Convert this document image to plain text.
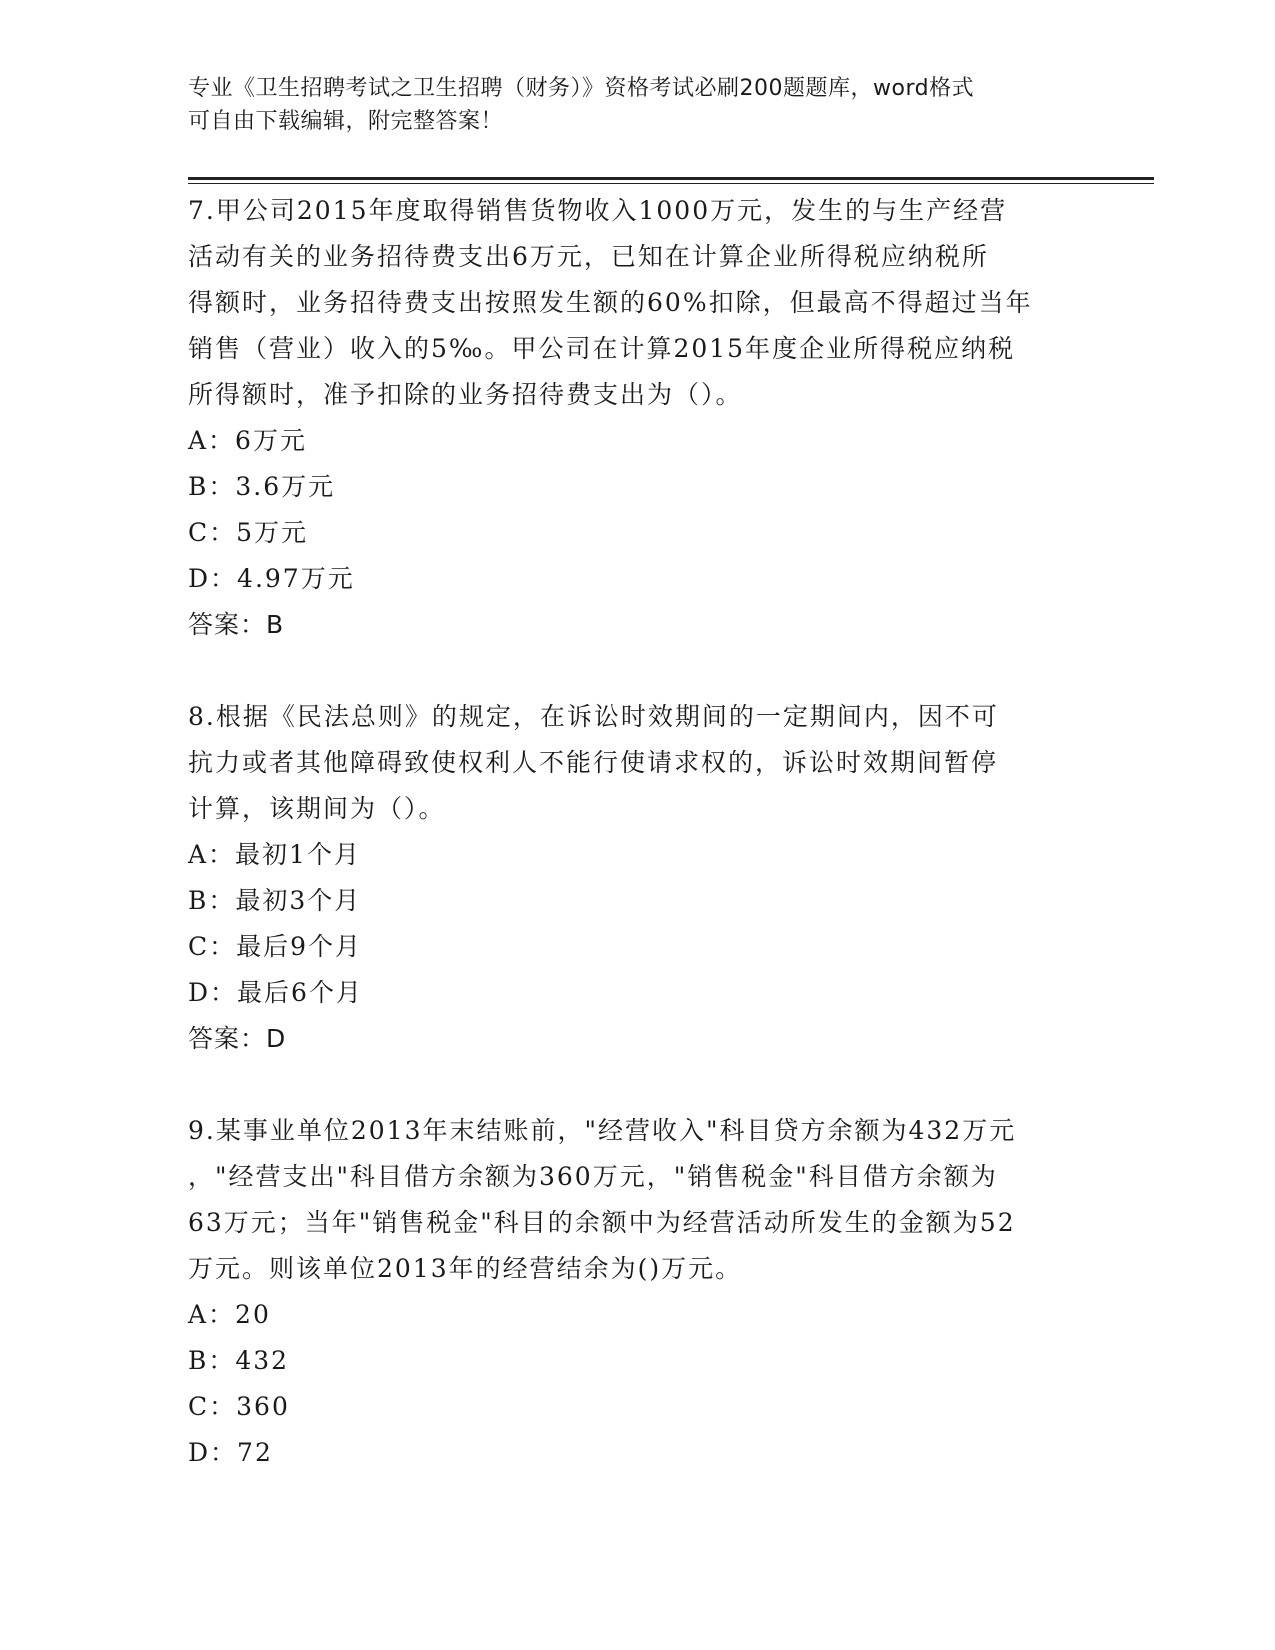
专业《卫生招聘考试之卫生招聘（财务）》资格考试必刷200题题库，word格式
可自由下载编辑，附完整答案！

7.甲公司2015年度取得销售货物收入1000万元，发生的与生产经营
活动有关的业务招待费支出6万元，已知在计算企业所得税应纳税所
得额时，业务招待费支出按照发生额的60%扣除，但最高不得超过当年
销售（营业）收入的5‰。甲公司在计算2015年度企业所得税应纳税
所得额时，准予扣除的业务招待费支出为（）。

A：6万元

B：3.6万元

C：5万元

D：4.97万元

答案：B

8.根据《民法总则》的规定，在诉讼时效期间的一定期间内，因不可
抗力或者其他障碍致使权利人不能行使请求权的，诉讼时效期间暂停
计算，该期间为（）。

A：最初1个月

B：最初3个月

C：最后9个月

D：最后6个月

答案：D

9.某事业单位2013年末结账前，"经营收入"科目贷方余额为432万元
，"经营支出"科目借方余额为360万元，"销售税金"科目借方余额为
63万元；当年"销售税金"科目的余额中为经营活动所发生的金额为52
万元。则该单位2013年的经营结余为()万元。

A：20

B：432

C：360

D：72
